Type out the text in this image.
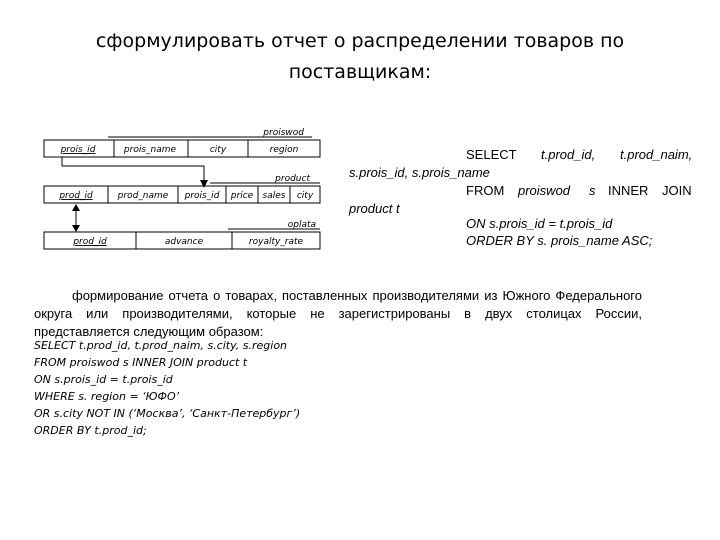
сформулировать отчет о распределении товаров по
поставщикам:
proiswod
prois_id	prois_name	city	region
product
prod_id	prod_name prois_id price sales city
oplata
prod_id	advance	royalty_rate
SELECT t.prod_id, t.prod_naim,
s.prois_id, s.prois_name
FROM proiswod s INNER JOIN
product t
ON s.prois_id = t.prois_id
ORDER BY s. prois_name ASC;
формирование отчета о товарах, поставленных производителями из Южного Федерального округа или производителями, которые не зарегистрированы в двух столицах России, представляется следующим образом:
SELECT t.prod_id, t.prod_naim, s.city, s.region
FROM proiswod s INNER JOIN product t
ON s.prois_id = t.prois_id
WHERE s. region = ‘ЮФО’
OR s.city NOT IN (‘Москва’, ‘Санкт-Петербург’)
ORDER BY t.prod_id;
